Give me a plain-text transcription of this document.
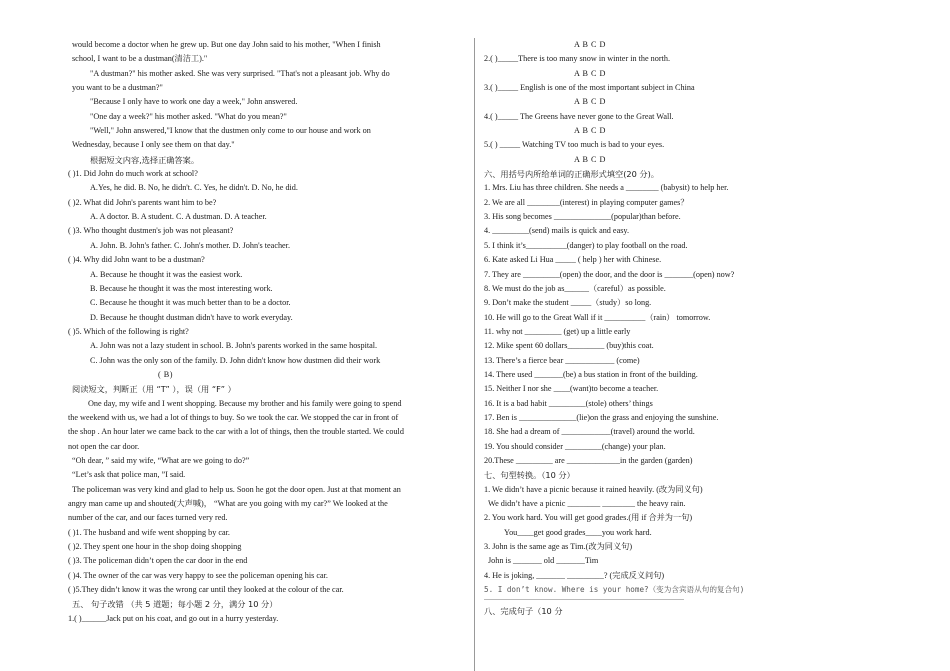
would become a doctor when he grew up. But one day John said to his mother, "When I finish
school, I want to be a dustman(清洁工)."
"A dustman?" his mother asked. She was very surprised. "That's not a pleasant job. Why do
you want to be a dustman?"
"Because I only have to work one day a week," John answered.
"One day a week?" his mother asked. "What do you mean?"
"Well," John answered,"I know that the dustmen only come to our house and work on
Wednesday, because I only see them on that day."
根据短文内容,选择正确答案。
( )1. Did John do much work at school?
A.Yes, he did. B. No, he didn't. C. Yes, he didn't. D. No, he did.
( )2. What did John's parents want him to be?
A. A doctor. B. A student. C. A dustman. D. A teacher.
( )3. Who thought dustmen's job was not pleasant?
A. John. B. John's father. C. John's mother. D. John's teacher.
( )4. Why did John want to be a dustman?
A. Because he thought it was the easiest work.
B. Because he thought it was the most interesting work.
C. Because he thought it was much better than to be a doctor.
D. Because he thought dustman didn't have to work everyday.
( )5. Which of the following is right?
A. John was not a lazy student in school. B. John's parents worked in the same hospital.
C. John was the only son of the family. D. John didn't know how dustmen did their work
( B)
阅读短文，判断正（用 “T” ），误（用 “F” ）
One day, my wife and I went shopping. Because my brother and his family were going to spend
the weekend with us, we had a lot of things to buy. So we took the car. We stopped the car in front of
the shop . An hour later we came back to the car with a lot of things, then the trouble started. We could
not open the car door.
“Oh dear, ” said my wife, “What are we going to do?”
“Let’s ask that police man, ”I said.
The policeman was very kind and glad to help us. Soon he got the door open. Just at that moment an
angry man came up and shouted(大声喊)， “What are you going with my car?” We looked at the
number of the car, and our faces turned very red.
( )1. The husband and wife went shopping by car.
( )2. They spent one hour in the shop doing shopping
( )3. The policeman didn’t open the car door in the end
( )4. The owner of the car was very happy to see the policeman opening his car.
( )5.They didn’t know it was the wrong car until they looked at the colour of the car.
五、 句子改错 （共 5 道题；每小题 2 分，满分 10 分）
1.( )______Jack put on his coat, and go out in a hurry yesterday.
A B C D
2.( )_____There is too many snow in winter in the north.
A B C D
3.( )_____ English is one of the most important subject in China
A B C D
4.( )_____ The Greens have never gone to the Great Wall.
A B C D
5.( ) _____ Watching TV too much is bad to your eyes.
A B C D
六、用括号内所给单词的正确形式填空(20 分)。
1. Mrs. Liu has three children. She needs a ________ (babysit) to help her.
2. We are all ________(interest) in playing computer games？
3. His song becomes ______________(popular)than before.
4. _________(send) mails is quick and easy.
5. I think it’s__________(danger) to play football on the road.
6. Kate asked Li Hua _____ ( help ) her with Chinese.
7. They are _________(open) the door, and the door is _______(open) now?
8. We must do the job as______（careful）as possible.
9. Don’t make the student _____（study）so long.
10. He will go to the Great Wall if it __________（rain） tomorrow.
11. why not _________ (get) up a little early
12. Mike spent 60 dollars_________ (buy)this coat.
13. There’s a fierce bear ____________ (come)
14. There used _______(be) a bus station in front of the building.
15. Neither I nor she ____(want)to become a teacher.
16. It is a bad habit _________(stole) others’ things
17. Ben is ______________(lie)on the grass and enjoying the sunshine.
18. She had a dream of ____________(travel) around the world.
19. You should consider _________(change) your plan.
20.These _________ are _____________in the garden (garden)
七、句型转换。（10 分）
1. We didn’t have a picnic because it rained heavily. (改为同义句)
We didn’t have a picnic ________ ________ the heavy rain.
2. You work hard. You will get good grades.(用 if 合并为一句)
You____get good grades____you work hard.
3. John is the same age as Tim.(改为同义句)
John is _______ old _______Tim
4. He is joking, _______ _________? (完成反义问句)
5. I don’t know. Where is your home?（变为含宾语从句的复合句)
八、完成句子（10 分
